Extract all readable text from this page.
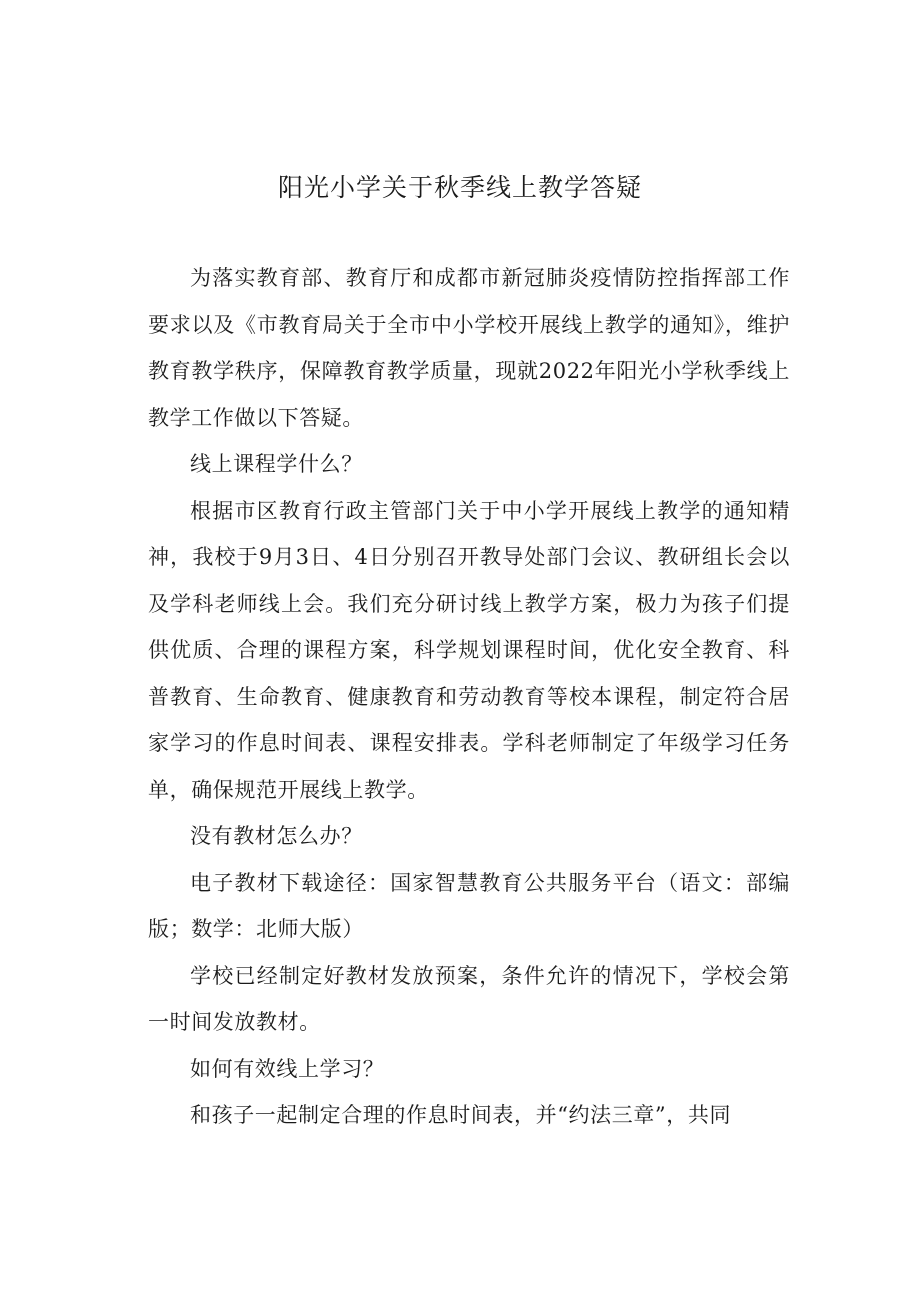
阳光小学关于秋季线上教学答疑

为落实教育部、教育厅和成都市新冠肺炎疫情防控指挥部工作要求以及《市教育局关于全市中小学校开展线上教学的通知》，维护教育教学秩序，保障教育教学质量，现就2022年阳光小学秋季线上教学工作做以下答疑。

线上课程学什么？

根据市区教育行政主管部门关于中小学开展线上教学的通知精神，我校于9月3日、4日分别召开教导处部门会议、教研组长会以及学科老师线上会。我们充分研讨线上教学方案，极力为孩子们提供优质、合理的课程方案，科学规划课程时间，优化安全教育、科普教育、生命教育、健康教育和劳动教育等校本课程，制定符合居家学习的作息时间表、课程安排表。学科老师制定了年级学习任务单，确保规范开展线上教学。

没有教材怎么办？

电子教材下载途径：国家智慧教育公共服务平台（语文：部编版；数学：北师大版）

学校已经制定好教材发放预案，条件允许的情况下，学校会第一时间发放教材。

如何有效线上学习？

和孩子一起制定合理的作息时间表，并“约法三章”，共同
